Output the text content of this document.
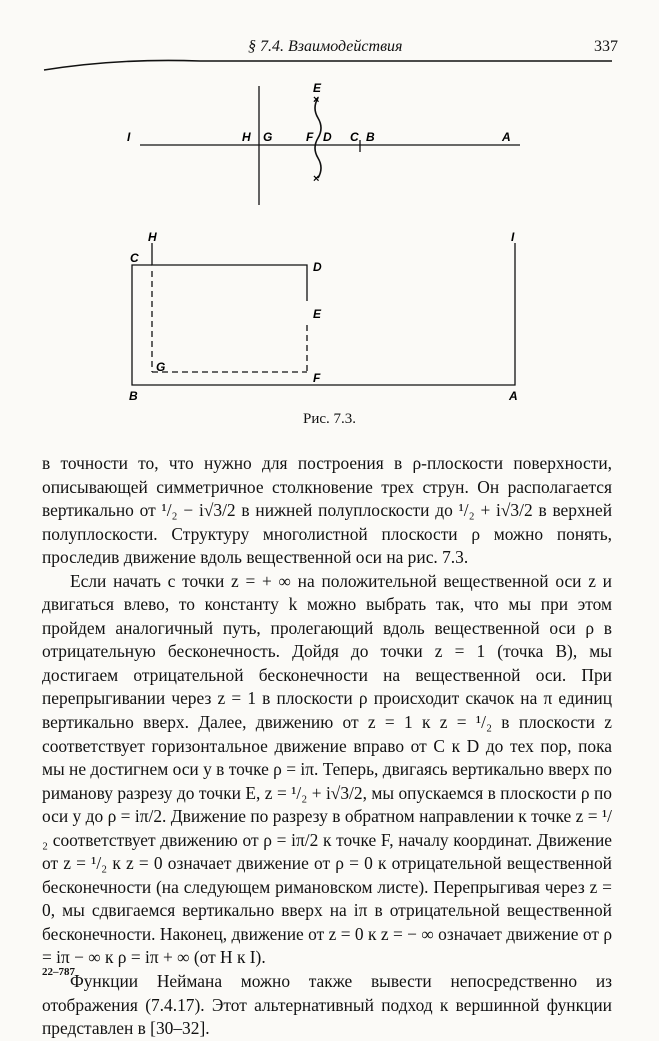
§ 7.4. Взаимодействия	337
×
×
I	H G	F D C B	A
E
H	I
C
D
E
G
F
B	A
Рис. 7.3.

в точности то, что нужно для построения в ρ-плоскости поверхности, описывающей симметричное столкновение трех струн. Он располагается вертикально от ¹/₂ − i√3/2 в нижней полуплоскости до ¹/₂ + i√3/2 в верхней полуплоскости. Структуру многолистной плоскости ρ можно понять, проследив движение вдоль вещественной оси на рис. 7.3.

Если начать с точки z = + ∞ на положительной вещественной оси z и двигаться влево, то константу k можно выбрать так, что мы при этом пройдем аналогичный путь, пролегающий вдоль вещественной оси ρ в отрицательную бесконечность. Дойдя до точки z = 1 (точка B), мы достигаем отрицательной бесконечности на вещественной оси. При перепрыгивании через z = 1 в плоскости ρ происходит скачок на π единиц вертикально вверх. Далее, движению от z = 1 к z = ¹/₂ в плоскости z соответствует горизонтальное движение вправо от C к D до тех пор, пока мы не достигнем оси y в точке ρ = iπ. Теперь, двигаясь вертикально вверх по риманову разрезу до точки E, z = ¹/₂ + i√3/2, мы опускаемся в плоскости ρ по оси y до ρ = iπ/2. Движение по разрезу в обратном направлении к точке z = ¹/₂ соответствует движению от ρ = iπ/2 к точке F, началу координат. Движение от z = ¹/₂ к z = 0 означает движение от ρ = 0 к отрицательной вещественной бесконечности (на следующем римановском листе). Перепрыгивая через z = 0, мы сдвигаемся вертикально вверх на iπ в отрицательной вещественной бесконечности. Наконец, движение от z = 0 к z = − ∞ означает движение от ρ = iπ − ∞ к ρ = iπ + ∞ (от H к I).

Функции Неймана можно также вывести непосредственно из отображения (7.4.17). Этот альтернативный подход к вершинной функции представлен в [30–32].

22–787
